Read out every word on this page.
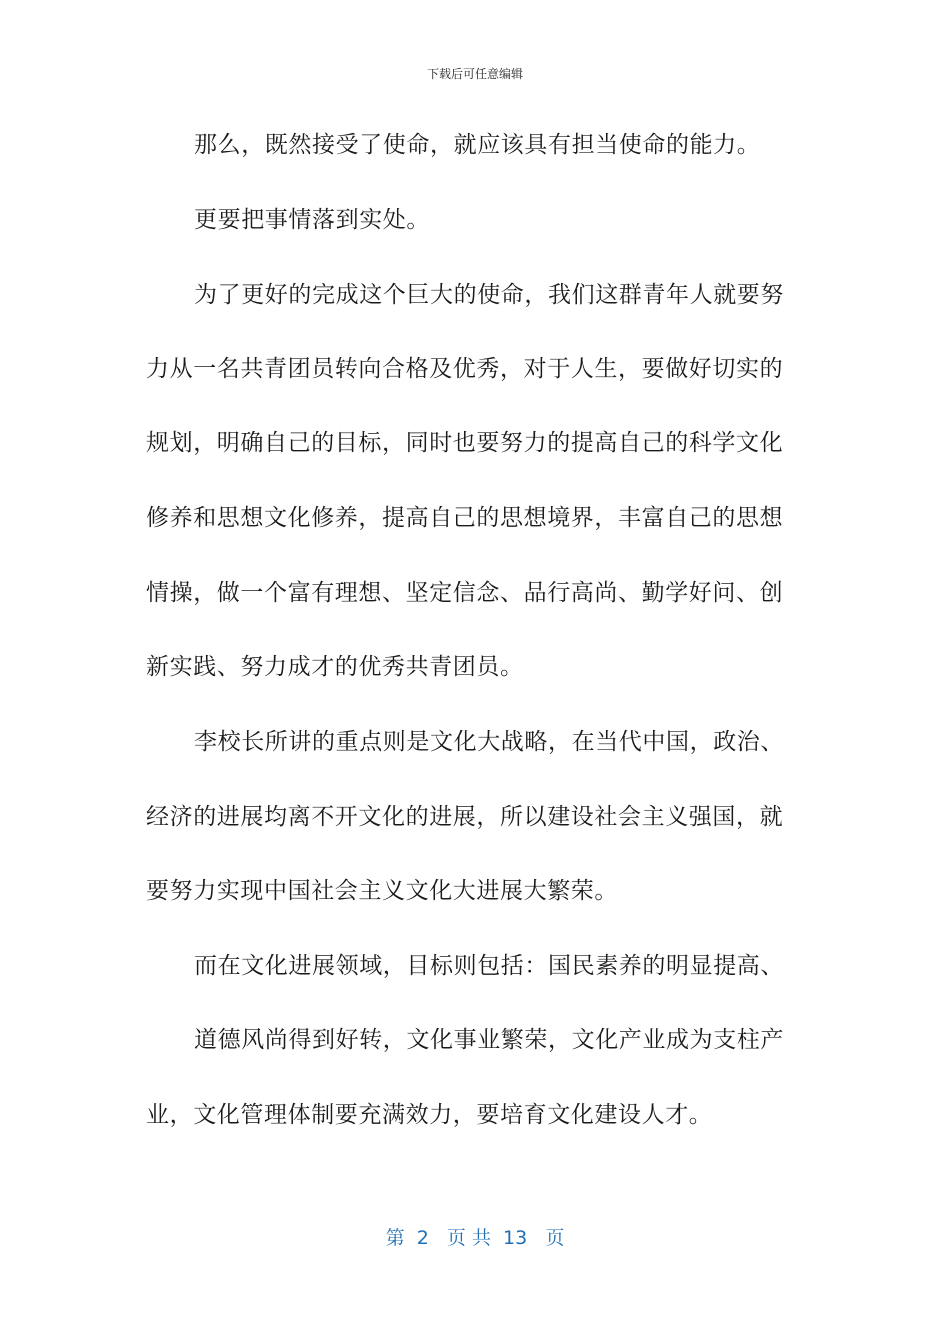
下载后可任意编辑
那么，既然接受了使命，就应该具有担当使命的能力。
更要把事情落到实处。
为了更好的完成这个巨大的使命，我们这群青年人就要努
力从一名共青团员转向合格及优秀，对于人生，要做好切实的
规划，明确自己的目标，同时也要努力的提高自己的科学文化
修养和思想文化修养，提高自己的思想境界，丰富自己的思想
情操，做一个富有理想、坚定信念、品行高尚、勤学好问、创
新实践、努力成才的优秀共青团员。
李校长所讲的重点则是文化大战略，在当代中国，政治、
经济的进展均离不开文化的进展，所以建设社会主义强国，就
要努力实现中国社会主义文化大进展大繁荣。
而在文化进展领域，目标则包括：国民素养的明显提高、
道德风尚得到好转，文化事业繁荣，文化产业成为支柱产
业，文化管理体制要充满效力，要培育文化建设人才。
第  2   页 共  13   页
